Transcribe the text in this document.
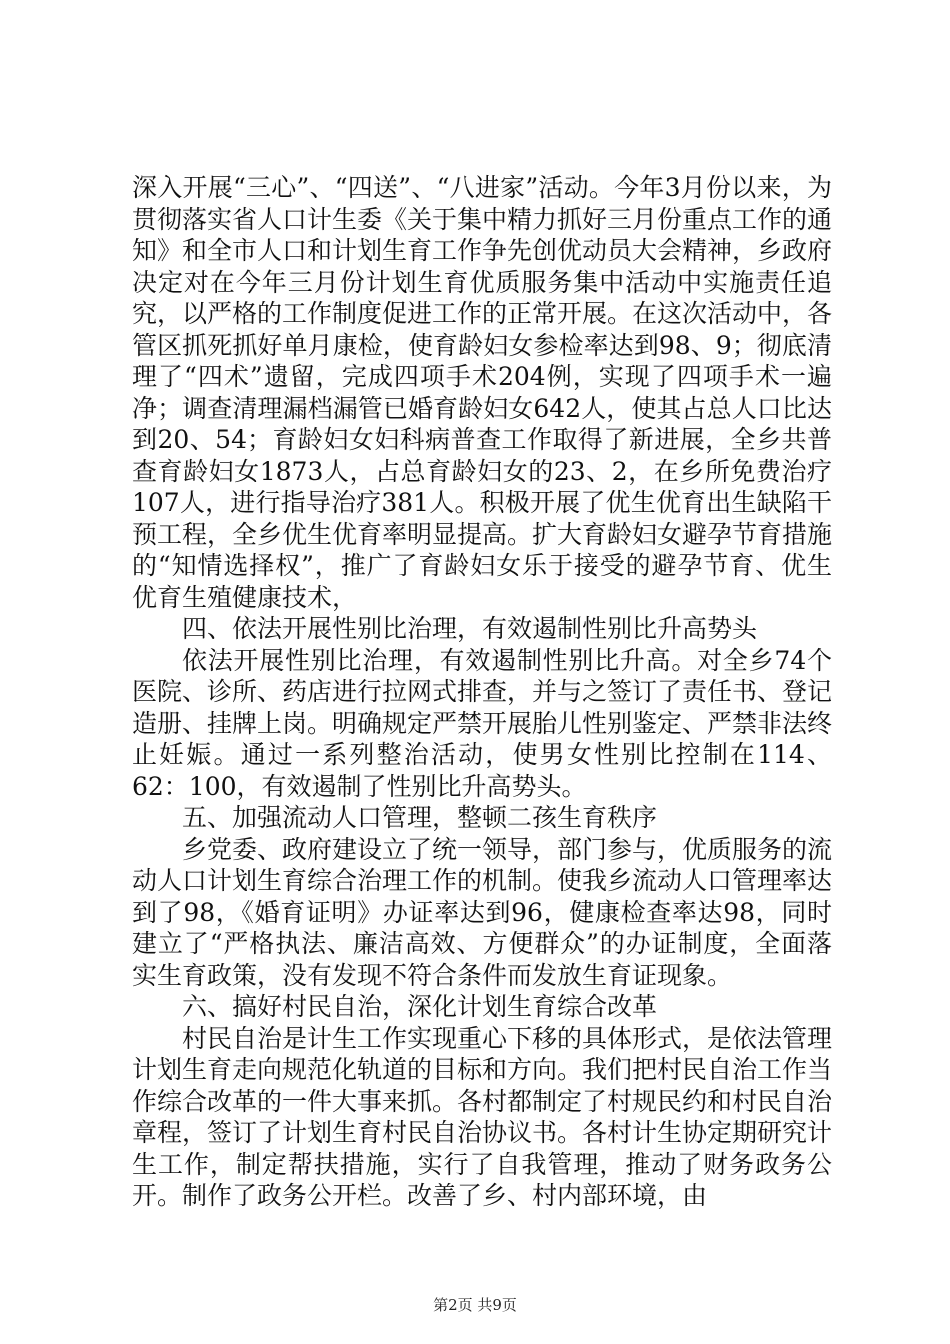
深入开展“三心”、“四送”、“八进家”活动。今年3月份以来，为贯彻落实省人口计生委《关于集中精力抓好三月份重点工作的通知》和全市人口和计划生育工作争先创优动员大会精神，乡政府决定对在今年三月份计划生育优质服务集中活动中实施责任追究，以严格的工作制度促进工作的正常开展。在这次活动中，各管区抓死抓好单月康检，使育龄妇女参检率达到98、9；彻底清理了“四术”遗留，完成四项手术204例，实现了四项手术一遍净；调查清理漏档漏管已婚育龄妇女642人，使其占总人口比达到20、54；育龄妇女妇科病普查工作取得了新进展，全乡共普查育龄妇女1873人，占总育龄妇女的23、2，在乡所免费治疗107人，进行指导治疗381人。积极开展了优生优育出生缺陷干预工程，全乡优生优育率明显提高。扩大育龄妇女避孕节育措施的“知情选择权”，推广了育龄妇女乐于接受的避孕节育、优生优育生殖健康技术，

四、依法开展性别比治理，有效遏制性别比升高势头

依法开展性别比治理，有效遏制性别比升高。对全乡74个医院、诊所、药店进行拉网式排查，并与之签订了责任书、登记造册、挂牌上岗。明确规定严禁开展胎儿性别鉴定、严禁非法终止妊娠。通过一系列整治活动，使男女性别比控制在114、62：100，有效遏制了性别比升高势头。

五、加强流动人口管理，整顿二孩生育秩序

乡党委、政府建设立了统一领导，部门参与，优质服务的流动人口计划生育综合治理工作的机制。使我乡流动人口管理率达到了98，《婚育证明》办证率达到96，健康检查率达98，同时建立了“严格执法、廉洁高效、方便群众”的办证制度，全面落实生育政策，没有发现不符合条件而发放生育证现象。

六、搞好村民自治，深化计划生育综合改革

村民自治是计生工作实现重心下移的具体形式，是依法管理计划生育走向规范化轨道的目标和方向。我们把村民自治工作当作综合改革的一件大事来抓。各村都制定了村规民约和村民自治章程，签订了计划生育村民自治协议书。各村计生协定期研究计生工作，制定帮扶措施，实行了自我管理，推动了财务政务公开。制作了政务公开栏。改善了乡、村内部环境，由

第2页 共9页
